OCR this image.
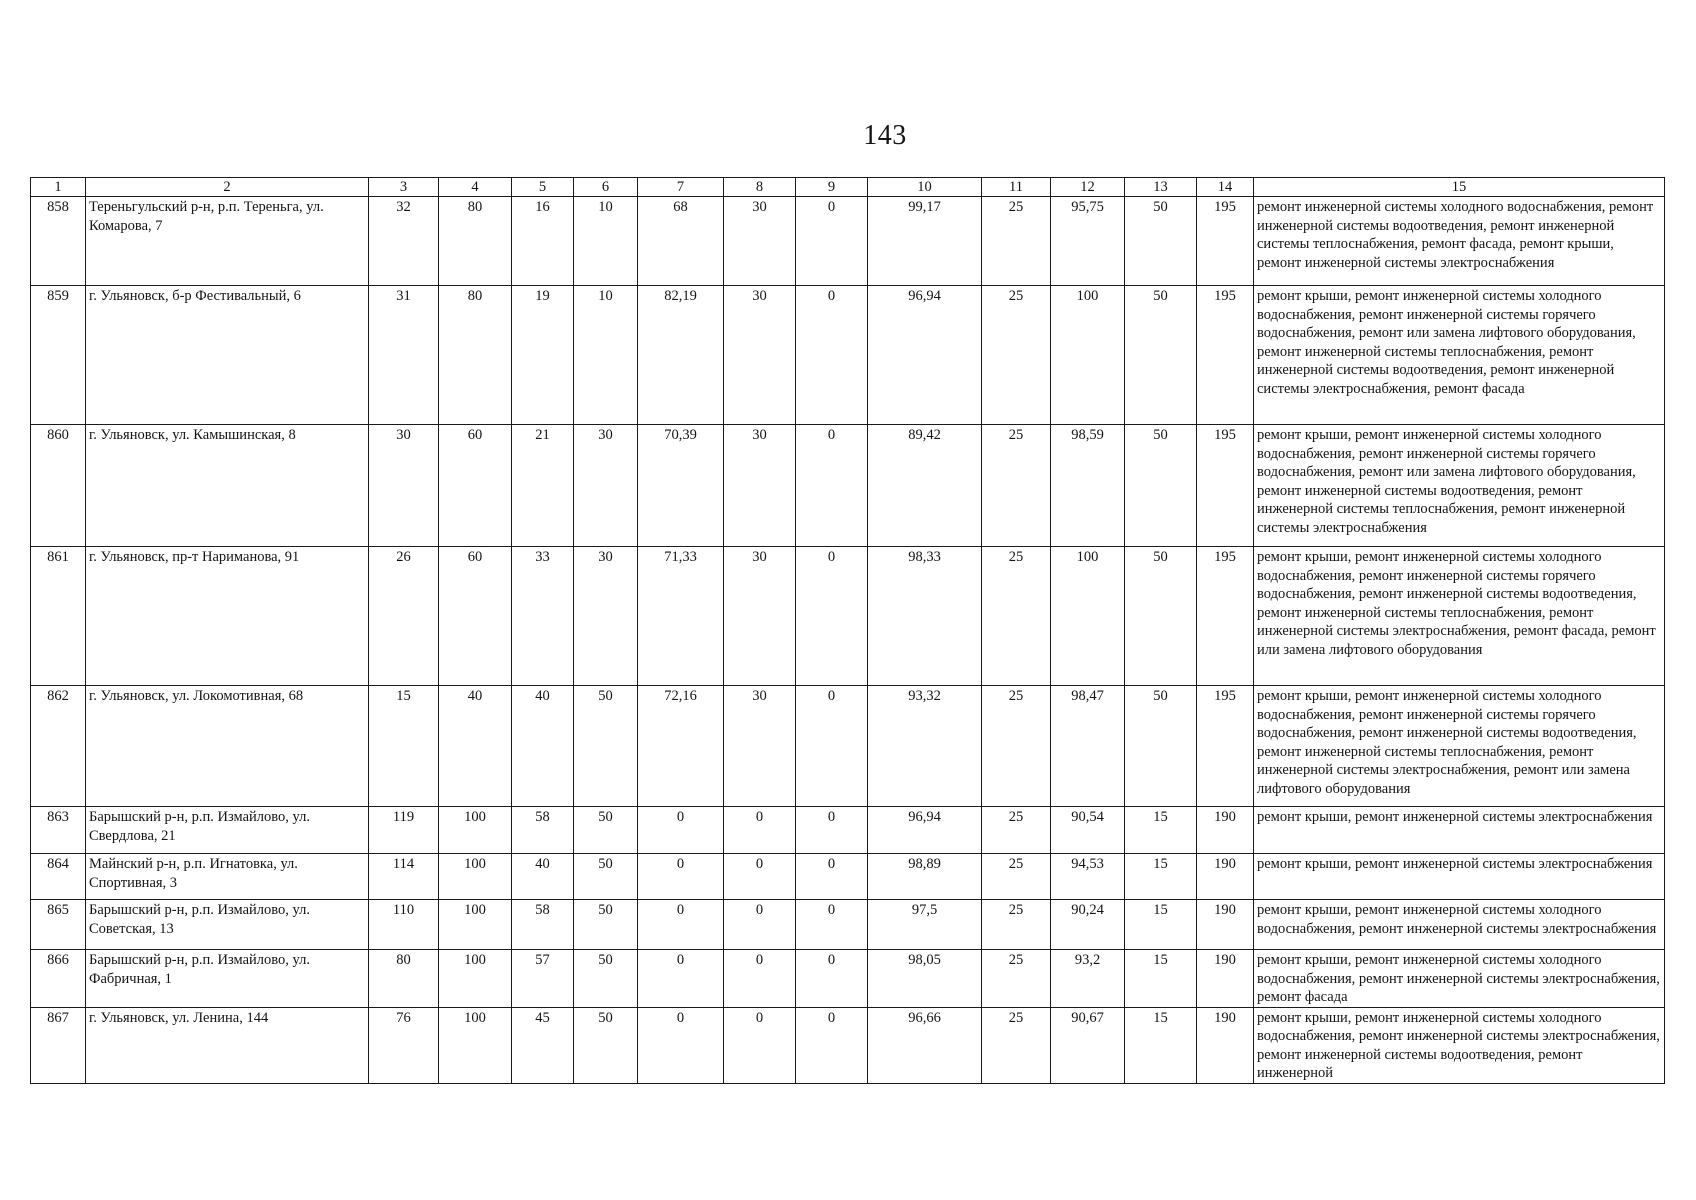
143
1	2	3	4	5	6	7	8	9	10	11	12	13	14	15
858	Тереньгульский р-н, р.п. Тереньга, ул. Комарова, 7	32	80	16	10	68	30	0	99,17	25	95,75	50	195	ремонт инженерной системы холодного водоснабжения, ремонт инженерной системы водоотведения, ремонт инженерной системы теплоснабжения, ремонт фасада, ремонт крыши, ремонт инженерной системы электроснабжения
859	г. Ульяновск, б-р Фестивальный, 6	31	80	19	10	82,19	30	0	96,94	25	100	50	195	ремонт крыши, ремонт инженерной системы холодного водоснабжения, ремонт инженерной системы горячего водоснабжения, ремонт или замена лифтового оборудования, ремонт инженерной системы теплоснабжения, ремонт инженерной системы водоотведения, ремонт инженерной системы электроснабжения, ремонт фасада
860	г. Ульяновск, ул. Камышинская, 8	30	60	21	30	70,39	30	0	89,42	25	98,59	50	195	ремонт крыши, ремонт инженерной системы холодного водоснабжения, ремонт инженерной системы горячего водоснабжения, ремонт или замена лифтового оборудования, ремонт инженерной системы водоотведения, ремонт инженерной системы теплоснабжения, ремонт инженерной системы электроснабжения
861	г. Ульяновск, пр-т Нариманова, 91	26	60	33	30	71,33	30	0	98,33	25	100	50	195	ремонт крыши, ремонт инженерной системы холодного водоснабжения, ремонт инженерной системы горячего водоснабжения, ремонт инженерной системы водоотведения, ремонт инженерной системы теплоснабжения, ремонт инженерной системы электроснабжения, ремонт фасада, ремонт или замена лифтового оборудования
862	г. Ульяновск, ул. Локомотивная, 68	15	40	40	50	72,16	30	0	93,32	25	98,47	50	195	ремонт крыши, ремонт инженерной системы холодного водоснабжения, ремонт инженерной системы горячего водоснабжения, ремонт инженерной системы водоотведения, ремонт инженерной системы теплоснабжения, ремонт инженерной системы электроснабжения, ремонт или замена лифтового оборудования
863	Барышский р-н, р.п. Измайлово, ул. Свердлова, 21	119	100	58	50	0	0	0	96,94	25	90,54	15	190	ремонт крыши, ремонт инженерной системы электроснабжения
864	Майнский р-н, р.п. Игнатовка, ул. Спортивная, 3	114	100	40	50	0	0	0	98,89	25	94,53	15	190	ремонт крыши, ремонт инженерной системы электроснабжения
865	Барышский р-н, р.п. Измайлово, ул. Советская, 13	110	100	58	50	0	0	0	97,5	25	90,24	15	190	ремонт крыши, ремонт инженерной системы холодного водоснабжения, ремонт инженерной системы электроснабжения
866	Барышский р-н, р.п. Измайлово, ул. Фабричная, 1	80	100	57	50	0	0	0	98,05	25	93,2	15	190	ремонт крыши, ремонт инженерной системы холодного водоснабжения, ремонт инженерной системы электроснабжения, ремонт фасада
867	г. Ульяновск, ул. Ленина, 144	76	100	45	50	0	0	0	96,66	25	90,67	15	190	ремонт крыши, ремонт инженерной системы холодного водоснабжения, ремонт инженерной системы электроснабжения, ремонт инженерной системы водоотведения, ремонт инженерной
